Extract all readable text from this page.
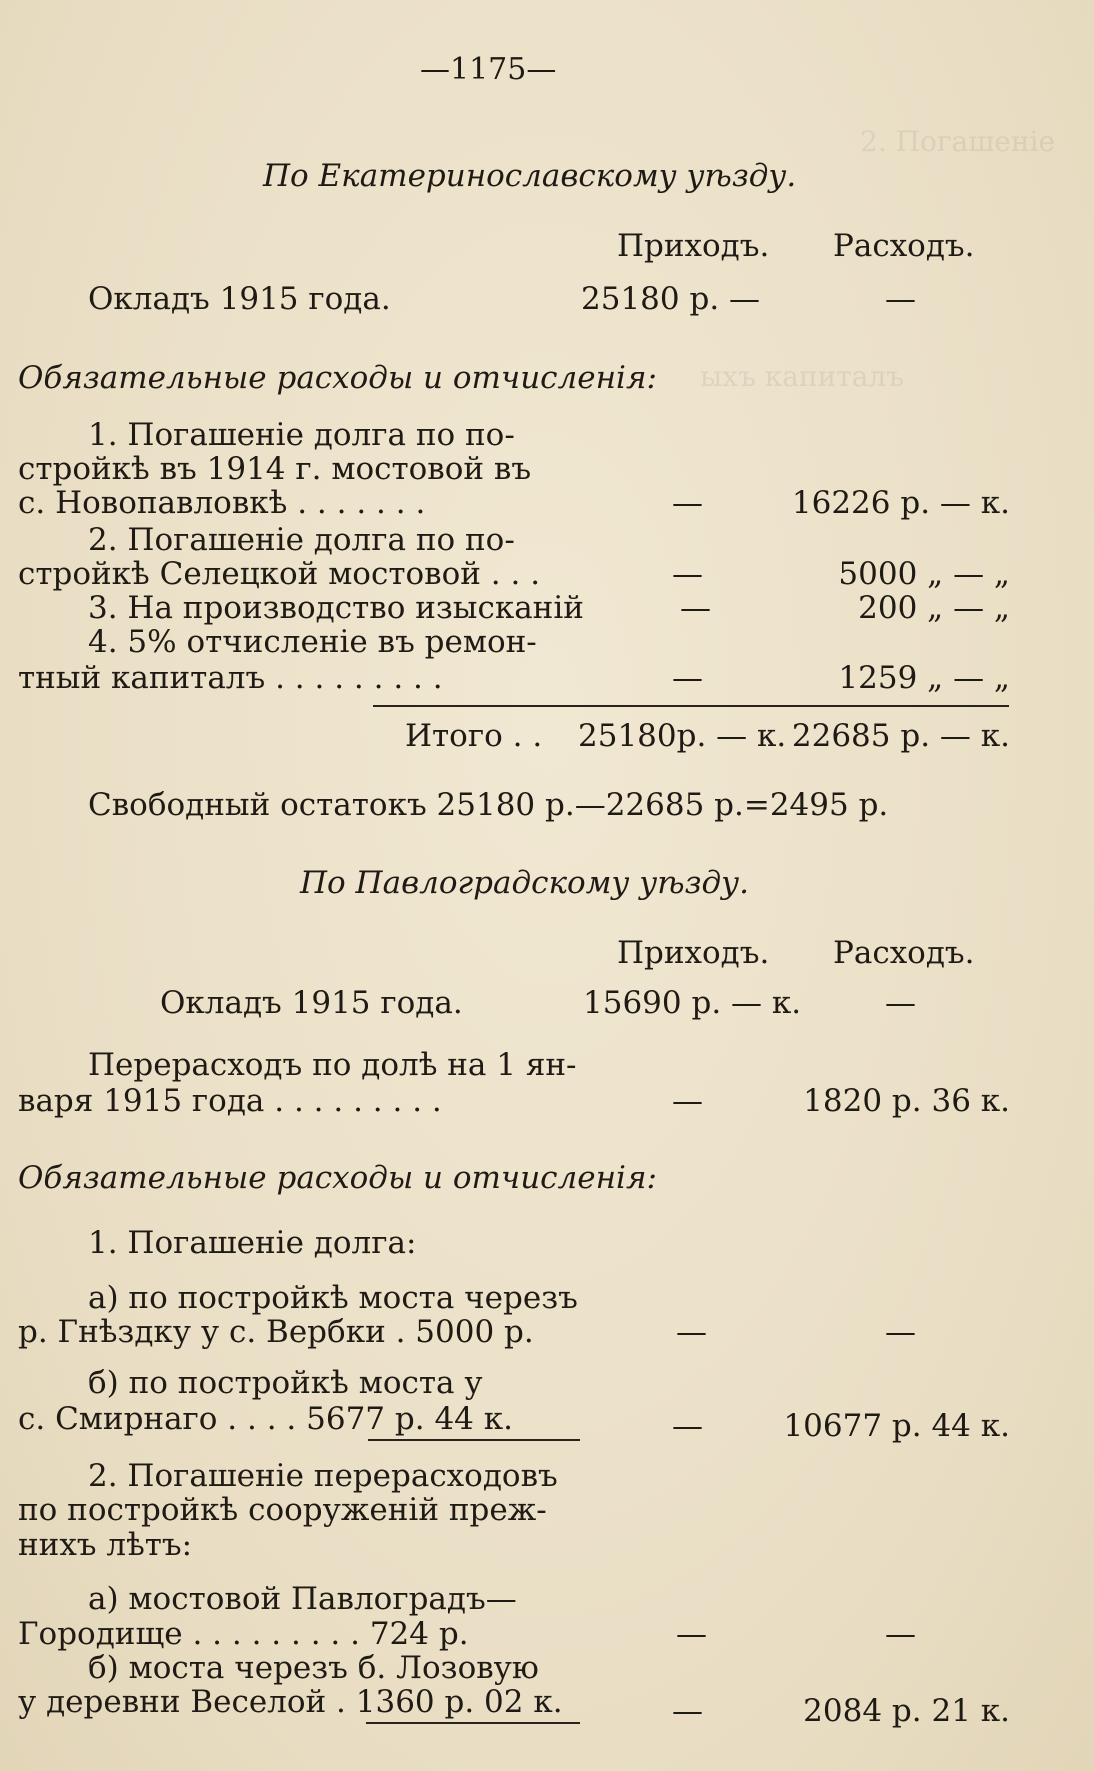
2. Погашеніе
ыхъ капиталъ
—1175—
По Екатеринославскому уѣзду.
Приходъ. Расходъ.
Окладъ 1915 года.	25180 р. —	—
Обязательные расходы и отчисленія:
1. Погашеніе долга по по-
стройкѣ въ 1914 г. мостовой въ
с. Новопавловкѣ . . . . . . .	—	16226 р. — к.
2. Погашеніе долга по по-
стройкѣ Селецкой мостовой . . .	—	5000 „ — „
3. На производство изысканій	—	200 „ — „
4. 5% отчисленіе въ ремон-
тный капиталъ . . . . . . . . .	—	1259 „ — „
Итого . . 25180р. — к. 22685 р. — к.
Свободный остатокъ 25180 р.—22685 р.=2495 р.
По Павлоградскому уѣзду.
Приходъ. Расходъ.
Окладъ 1915 года.	15690 р. — к.	—
Перерасходъ по долѣ на 1 ян-
варя 1915 года . . . . . . . . .	—	1820 р. 36 к.
Обязательные расходы и отчисленія:
1. Погашеніе долга:
а) по постройкѣ моста черезъ
р. Гнѣздку у с. Вербки . 5000 р.	—	—
б) по постройкѣ моста у
с. Смирнаго . . . . 5677 р. 44 к.	—	10677 р. 44 к.
2. Погашеніе перерасходовъ
по постройкѣ сооруженій преж-
нихъ лѣтъ:
а) мостовой Павлоградъ—
Городище . . . . . . . . . 724 р.	—	—
б) моста черезъ б. Лозовую
у деревни Веселой . 1360 р. 02 к.	—	2084 р. 21 к.
